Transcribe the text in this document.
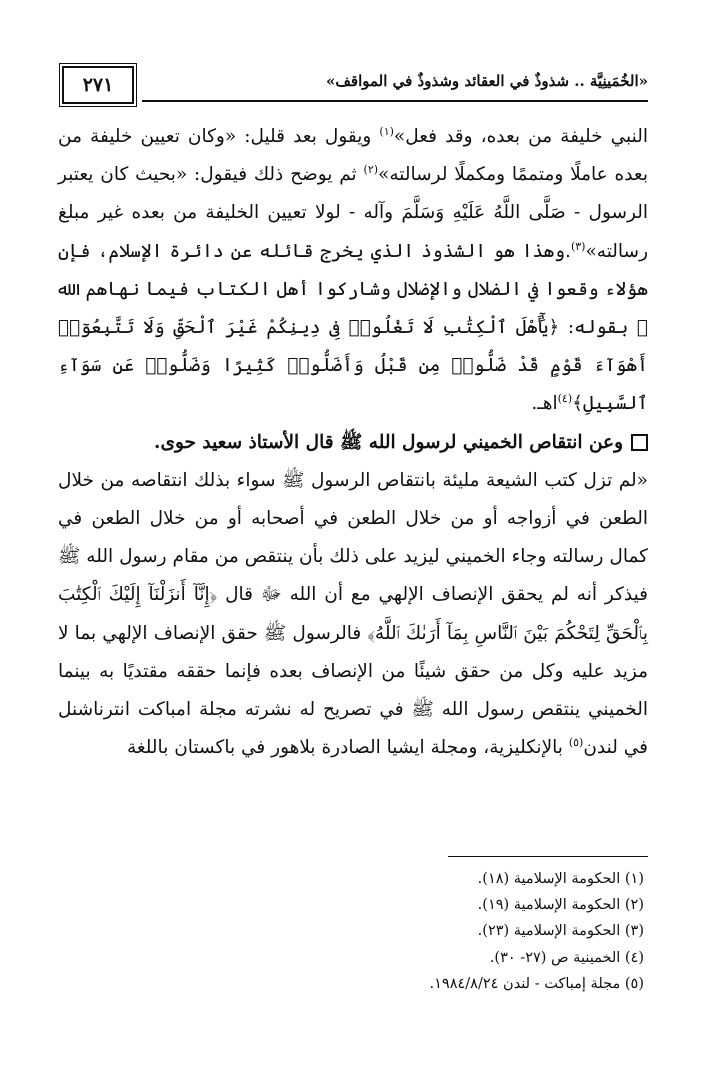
٢٧١	«الخُمَينِيَّة .. شذوذٌ في العقائد وشذوذٌ في المواقف»

النبي خليفة من بعده، وقد فعل»$^{(١)}$ ويقول بعد قليل: «وكان تعيين خليفة من بعده عاملًا ومتممًا ومكملًا لرسالته»$^{(٢)}$ ثم يوضح ذلك فيقول: «بحيث كان يعتبر الرسول - صَلَّى اللَّهُ عَلَيْهِ وَسَلَّمَ وآله - لولا تعيين الخليفة من بعده غير مبلغ رسالته»$^{(٣)}$.وهذا هو الشذوذ الذي يخرج قائله عن دائرة الإسلام، فإن هؤلاء وقعوا في الضلال والإضلال وشاركوا أهل الكتاب فيما نهاهم الله ﷻ بقوله: ﴿يَٰٓأَهْلَ ٱلْكِتَٰبِ لَا تَغْلُوا۟ فِى دِينِكُمْ غَيْرَ ٱلْحَقِّ وَلَا تَتَّبِعُوٓا۟ أَهْوَآءَ قَوْمٍ قَدْ ضَلُّوا۟ مِن قَبْلُ وَأَضَلُّوا۟ كَثِيرًا وَضَلُّوا۟ عَن سَوَآءِ ٱلسَّبِيلِ﴾$^{(٤)}$اهـ.

وعن انتقاص الخميني لرسول الله ﷺ قال الأستاذ سعيد حوى.

«لم تزل كتب الشيعة مليئة بانتقاص الرسول ﷺ سواء بذلك انتقاصه من خلال الطعن في أزواجه أو من خلال الطعن في أصحابه أو من خلال الطعن في كمال رسالته وجاء الخميني ليزيد على ذلك بأن ينتقص من مقام رسول الله ﷺ فيذكر أنه لم يحقق الإنصاف الإلهي مع أن الله ﷻ قال ﴿إِنَّآ أَنزَلْنَآ إِلَيْكَ ٱلْكِتَٰبَ بِٱلْحَقِّ لِتَحْكُمَ بَيْنَ ٱلنَّاسِ بِمَآ أَرَىٰكَ ٱللَّهُ﴾ فالرسول ﷺ حقق الإنصاف الإلهي بما لا مزيد عليه وكل من حقق شيئًا من الإنصاف بعده فإنما حققه مقتديًا به بينما الخميني ينتقص رسول الله ﷺ في تصريح له نشرته مجلة امباكت انترناشنل في لندن$^{(٥)}$ بالإنكليزية، ومجلة ايشيا الصادرة بلاهور في باكستان باللغة

(١) الحكومة الإسلامية (١٨).
(٢) الحكومة الإسلامية (١٩).
(٣) الحكومة الإسلامية (٢٣).
(٤) الخمينية ص (٢٧- ٣٠).
(٥) مجلة إمباكت - لندن ١٩٨٤/٨/٢٤.
